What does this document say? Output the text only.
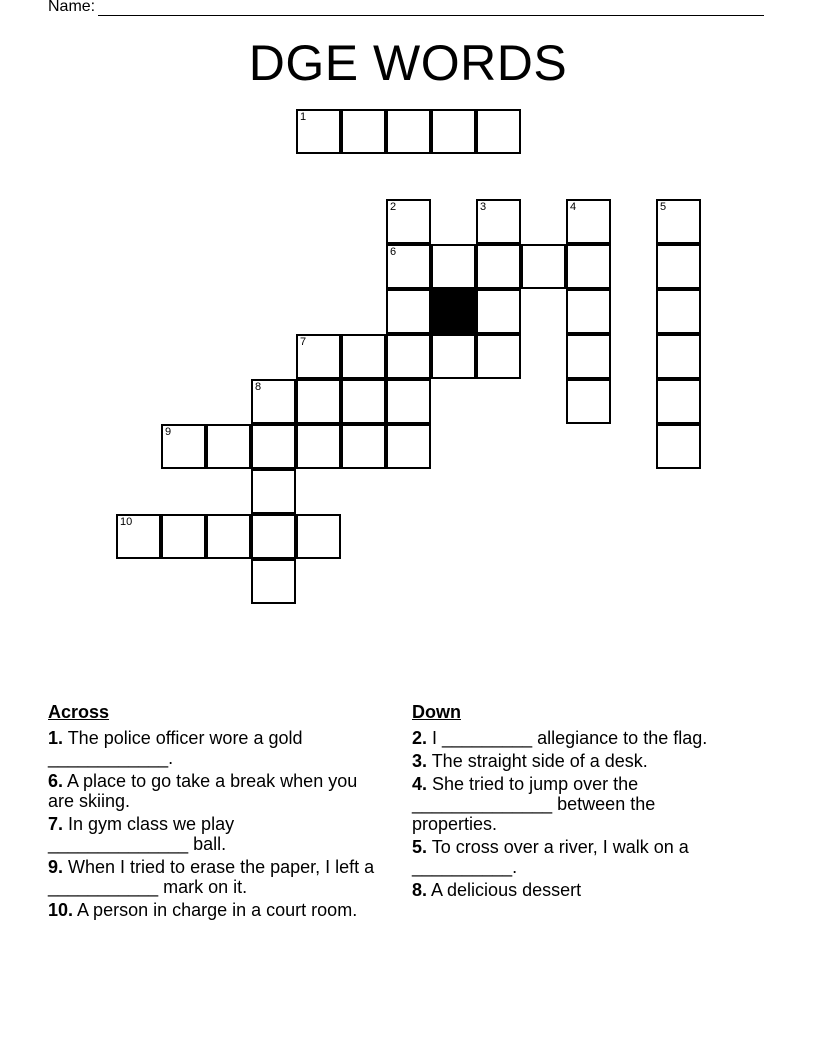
Name:
DGE WORDS
1
2	3	4	5
6
7
8
9
10
Across
1. The police officer wore a gold ____________.
6. A place to go take a break when you are skiing.
7. In gym class we play ______________ ball.
9. When I tried to erase the paper, I left a ___________ mark on it.
10. A person in charge in a court room.
Down
2. I _________ allegiance to the flag.
3. The straight side of a desk.
4. She tried to jump over the ______________ between the properties.
5. To cross over a river, I walk on a __________.
8. A delicious dessert
